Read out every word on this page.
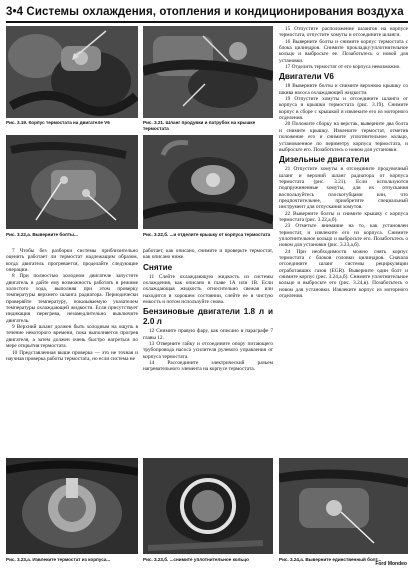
3•4 Системы охлаждения, отопления и кондиционирования воздуха
Рис. 3.19. Корпус термостата на двигателе V6	Рис. 3.21. Шланг продувки и патрубок на крышке термостата
Рис. 3.22,а. Выверните болты...	Рис. 3.22,б. ...и отделите крышку от корпуса термостата

7 Чтобы без разборки системы приблизительно оценить работает ли термостат надлежащим образом, когда двигатель прогревается, проделайте следующие операции.

8 При полностью холодном двигателе запустите двигатель и дайте ему возможность работать в режиме холостого хода, выполняя при этом проверку температуры верхнего шланга радиатора. Периодически проверяйте температуру, показываемую указателем температуры охлаждающей жидкости. Если присутствует индикация перегрева, незамедлительно выключите двигатель.

9 Верхний шланг должен быть холодным на ощупь в течение некоторого времени, пока выполняется прогрев двигателя, а затем должен очень быстро нагреться по мере открытия термостата.

10 Представленная выше проверка — это не точная и научная проверка работы термостата, но если система не

работает, как описано, снимите и проверьте термостат, как описано ниже.

Снятие

11 Слейте охлаждающую жидкость из системы охлаждения, как описано в главе 1А или 1В. Если охлаждающая жидкость относительно свежая или находится в хорошем состоянии, слейте ее в чистую емкость и потом используйте снова.

Бензиновые двигатели 1.8 л и 2.0 л

12 Снимите правую фару, как описано в параграфе 7 главы 12.

13 Отверните гайку и отсоедините опору питающего трубопровода насоса усилителя рулевого управления от корпуса термостата.

14 Рассоедините электрический разъем нагревательного элемента на корпусе термостата.

15 Отпустите расположение шлангов на корпусе термостата, отпустите хомуты и отсоедините шланги.

16 Выверните болты и снимите корпус термостата с блока цилиндров. Снимите прокладку/уплотнительное кольцо и выбросьте ее. Позаботьтесь о новой для установки.

17 Отделить термостат от его корпуса невозможно.

Двигатели V6

18 Выверните болты и снимите верхнюю крышку со шкива насоса охлаждающей жидкости.

19 Отпустите хомуты и отсоедините шланги от корпуса и крышки термостата (рис. 3.19). Снимите корпус в сборе с крышкой и извлеките его из моторного отделения.

20 Положите сборку на верстак, выверните два болта и снимите крышку. Извлеките термостат, отметив положение его и снимите уплотнительное кольцо, установленное по периметру корпуса термостата, и выбросьте его. Позаботьтесь о новом для установки.

Дизельные двигатели

21 Отпустите хомуты и отсоедините продувочный шланг и верхний шланг радиатора от корпуса термостата (рис. 3.21). Если используются подпружиненные хомуты, для их отпускания воспользуйтесь плоскогубцами или, что предпочтительнее, приобретите специальный инструмент для отпускания хомутов.

22 Выверните болты и снимите крышку с корпуса термостата (рис. 3.22,а,б).

23 Отметьте внимание на то, как установлен термостат, и извлеките его из корпуса. Снимите уплотнительное кольцо и выбросьте его. Позаботьтесь о новом для установки (рис. 3.23,а,б).

24 При необходимости можно снять корпус термостата с блоков головки цилиндров. Сначала отсоедините шланг системы рециркуляции отработавших газов (EGR). Выверните один болт и снимите корпус (рис. 3.24,а,б). Снимите уплотнительное кольцо и выбросьте его (рис. 3.24,в). Позаботьтесь о новом для установки. Извлеките корпус из моторного отделения.

Рис. 3.23,а. Извлеките термостат из корпуса...	Рис. 3.23,б. ...снимите уплотнительное кольцо	Рис. 3.24,а. Выверните единственный болт...
Ford Mondeo
